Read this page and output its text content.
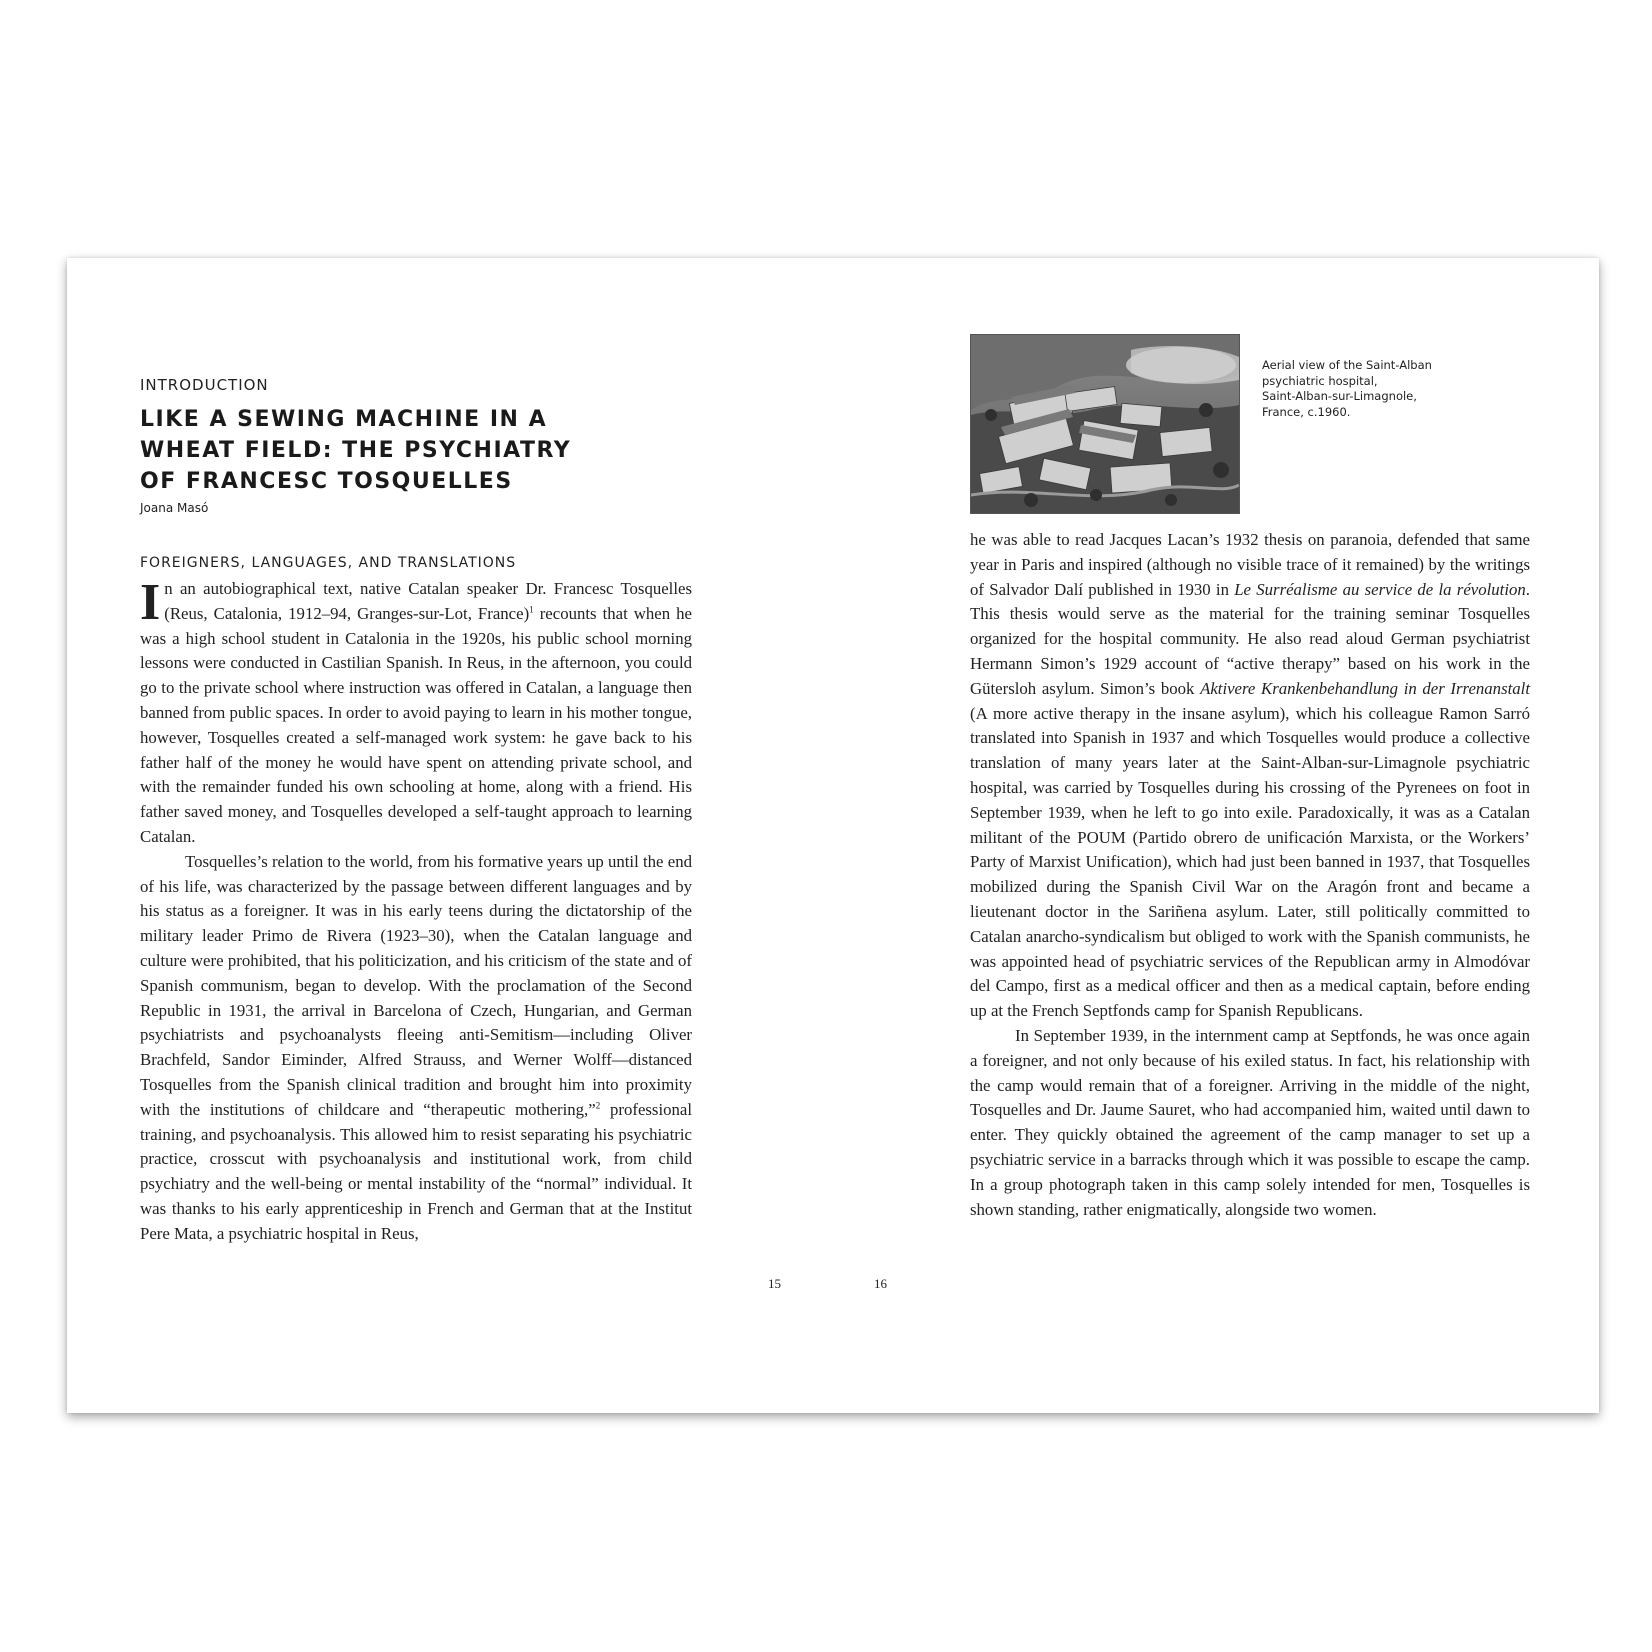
INTRODUCTION
LIKE A SEWING MACHINE IN A WHEAT FIELD: THE PSYCHIATRY OF FRANCESC TOSQUELLES
Joana Masó
FOREIGNERS, LANGUAGES, AND TRANSLATIONS

In an autobiographical text, native Catalan speaker Dr. Francesc Tosquelles (Reus, Catalonia, 1912–94, Granges-sur-Lot, France)$^1$ recounts that when he was a high school student in Catalonia in the 1920s, his public school morning lessons were conducted in Castilian Spanish. In Reus, in the afternoon, you could go to the private school where instruction was offered in Catalan, a language then banned from public spaces. In order to avoid paying to learn in his mother tongue, however, Tosquelles created a self-managed work system: he gave back to his father half of the money he would have spent on attending private school, and with the remainder funded his own schooling at home, along with a friend. His father saved money, and Tosquelles developed a self-taught approach to learning Catalan.

Tosquelles’s relation to the world, from his formative years up until the end of his life, was characterized by the passage between different languages and by his status as a foreigner. It was in his early teens during the dictatorship of the military leader Primo de Rivera (1923–30), when the Catalan language and culture were prohibited, that his politicization, and his criticism of the state and of Spanish communism, began to develop. With the proclamation of the Second Republic in 1931, the arrival in Barcelona of Czech, Hungarian, and German psychiatrists and psychoanalysts fleeing anti-Semitism—including Oliver Brachfeld, Sandor Eiminder, Alfred Strauss, and Werner Wolff—distanced Tosquelles from the Spanish clinical tradition and brought him into proximity with the institutions of childcare and “therapeutic mothering,”$^2$ professional training, and psychoanalysis. This allowed him to resist separating his psychiatric practice, crosscut with psychoanalysis and institutional work, from child psychiatry and the well-being or mental instability of the “normal” individual. It was thanks to his early apprenticeship in French and German that at the Institut Pere Mata, a psychiatric hospital in Reus,

15	16
Aerial view of the Saint-Alban
psychiatric hospital,
Saint-Alban-sur-Limagnole,
France, c.1960.

he was able to read Jacques Lacan’s 1932 thesis on paranoia, defended that same year in Paris and inspired (although no visible trace of it remained) by the writings of Salvador Dalí published in 1930 in Le Surréalisme au service de la révolution. This thesis would serve as the material for the training seminar Tosquelles organized for the hospital community. He also read aloud German psychiatrist Hermann Simon’s 1929 account of “active therapy” based on his work in the Gütersloh asylum. Simon’s book Aktivere Krankenbehandlung in der Irrenanstalt (A more active therapy in the insane asylum), which his colleague Ramon Sarró translated into Spanish in 1937 and which Tosquelles would produce a collective translation of many years later at the Saint-Alban-sur-Limagnole psychiatric hospital, was carried by Tosquelles during his crossing of the Pyrenees on foot in September 1939, when he left to go into exile. Paradoxically, it was as a Catalan militant of the POUM (Partido obrero de unificación Marxista, or the Workers’ Party of Marxist Unification), which had just been banned in 1937, that Tosquelles mobilized during the Spanish Civil War on the Aragón front and became a lieutenant doctor in the Sariñena asylum. Later, still politically committed to Catalan anarcho-syndicalism but obliged to work with the Spanish communists, he was appointed head of psychiatric services of the Republican army in Almodóvar del Campo, first as a medical officer and then as a medical captain, before ending up at the French Septfonds camp for Spanish Republicans.

In September 1939, in the internment camp at Septfonds, he was once again a foreigner, and not only because of his exiled status. In fact, his relationship with the camp would remain that of a foreigner. Arriving in the middle of the night, Tosquelles and Dr. Jaume Sauret, who had accompanied him, waited until dawn to enter. They quickly obtained the agreement of the camp manager to set up a psychiatric service in a barracks through which it was possible to escape the camp. In a group photograph taken in this camp solely intended for men, Tosquelles is shown standing, rather enigmatically, alongside two women.
